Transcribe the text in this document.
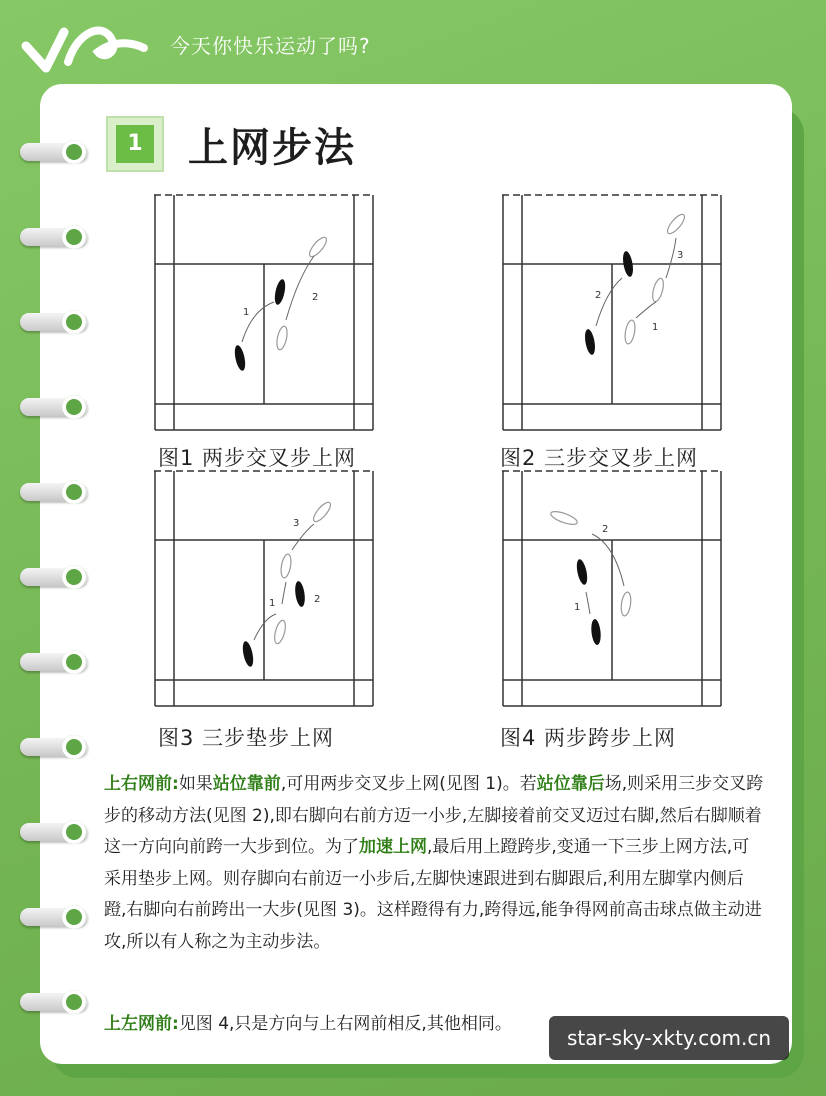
今天你快乐运动了吗?
1 上网步法
1
2
图1 两步交叉步上网
1
2
3
图2 三步交叉步上网
1	2
3
图3 三步垫步上网
1
2
图4 两步跨步上网
上右网前:如果站位靠前,可用两步交叉步上网(见图 1)。若站位靠后场,则采用三步交叉跨步的移动方法(见图 2),即右脚向右前方迈一小步,左脚接着前交叉迈过右脚,然后右脚顺着这一方向向前跨一大步到位。为了加速上网,最后用上蹬跨步,变通一下三步上网方法,可采用垫步上网。则存脚向右前迈一小步后,左脚快速跟进到右脚跟后,利用左脚掌内侧后蹬,右脚向右前跨出一大步(见图 3)。这样蹬得有力,跨得远,能争得网前高击球点做主动进攻,所以有人称之为主动步法。
上左网前:见图 4,只是方向与上右网前相反,其他相同。
star-sky-xkty.com.cn
